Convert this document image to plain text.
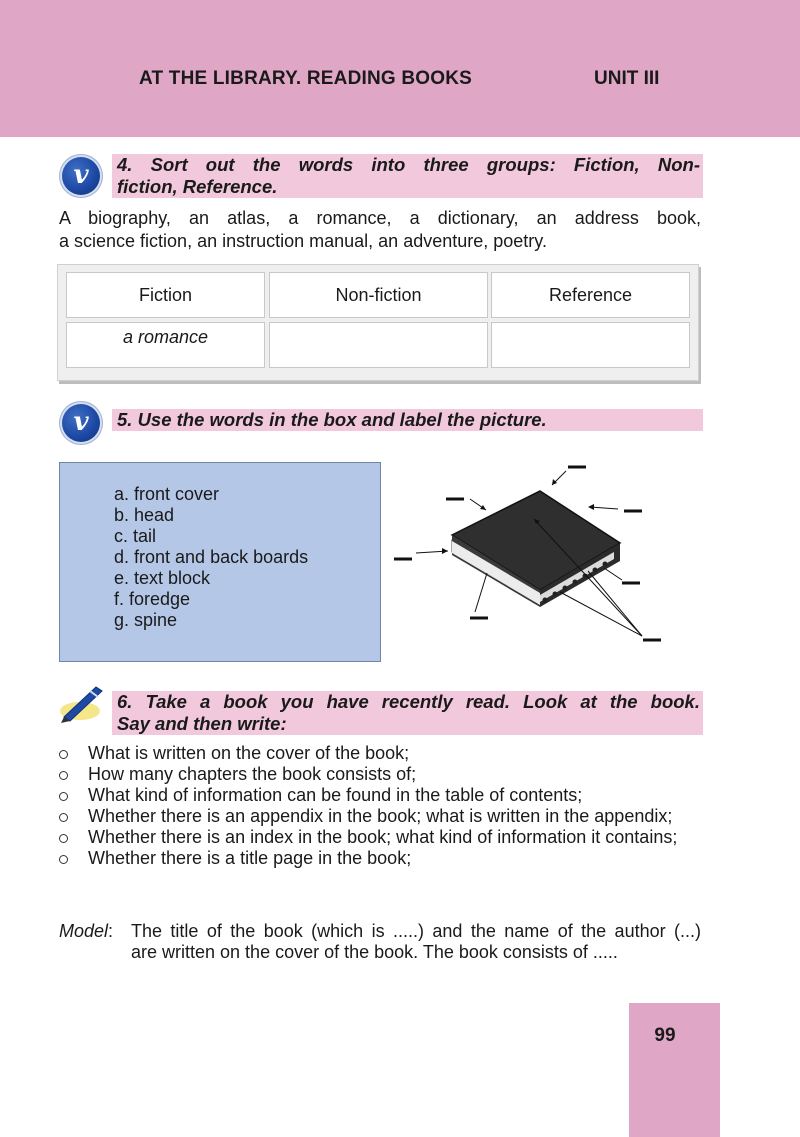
AT THE LIBRARY. READING BOOKS	UNIT III
v	4. Sort out the words into three groups: Fiction, Non-
fiction, Reference.
A biography, an atlas, a romance, a dictionary, an address book,
a science fiction, an instruction manual, an adventure, poetry.
Fiction	Non-fiction	Reference
a romance
v	5. Use the words in the box and label the picture.
a. front cover
b. head
c. tail
d. front and back boards
e. text block
f. foredge
g. spine
6. Take a book you have recently read. Look at the book.
Say and then write:
What is written on the cover of the book;
How many chapters the book consists of;
What kind of information can be found in the table of contents;
Whether there is an appendix in the book; what is written in the appendix;
Whether there is an index in the book; what kind of information it contains;
Whether there is a title page in the book;
Model: The title of the book (which is .....) and the name of the author (...)
are written on the cover of the book. The book consists of .....
99
